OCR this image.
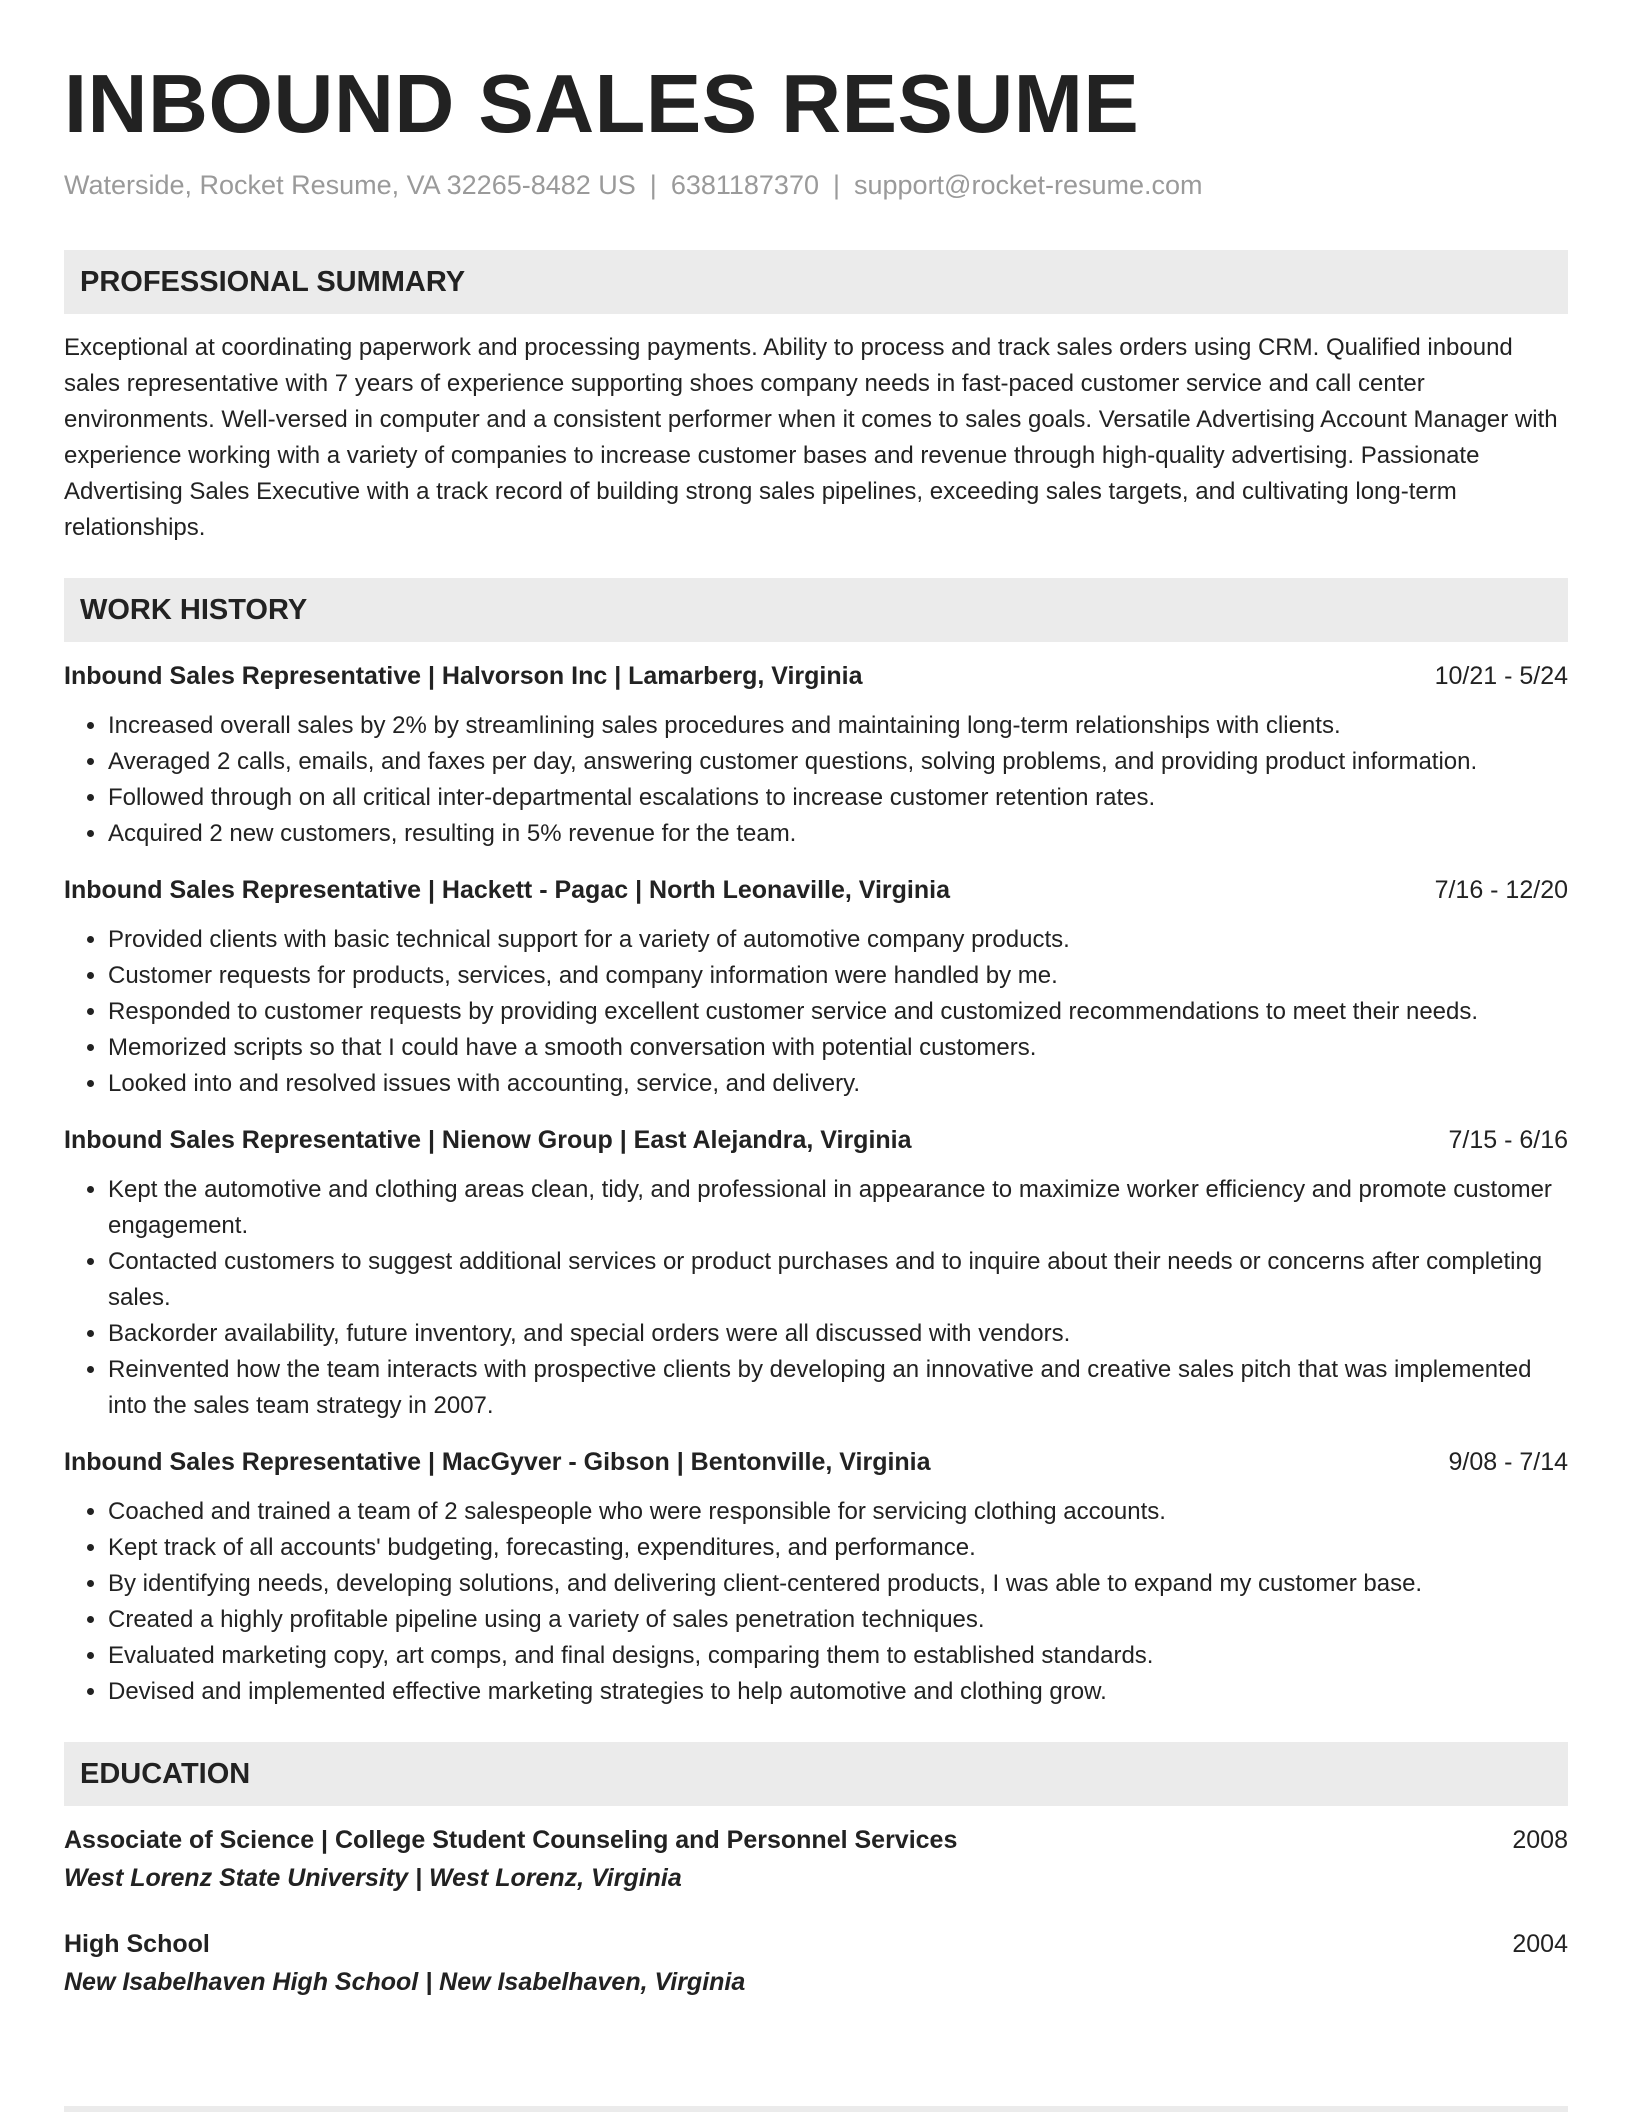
INBOUND SALES RESUME
Waterside, Rocket Resume, VA 32265-8482 US | 6381187370 | support@rocket-resume.com
PROFESSIONAL SUMMARY

Exceptional at coordinating paperwork and processing payments. Ability to process and track sales orders using CRM. Qualified inbound sales representative with 7 years of experience supporting shoes company needs in fast-paced customer service and call center environments. Well-versed in computer and a consistent performer when it comes to sales goals. Versatile Advertising Account Manager with experience working with a variety of companies to increase customer bases and revenue through high-quality advertising. Passionate Advertising Sales Executive with a track record of building strong sales pipelines, exceeding sales targets, and cultivating long-term relationships.

WORK HISTORY
Inbound Sales Representative | Halvorson Inc | Lamarberg, Virginia	10/21 - 5/24
• Increased overall sales by 2% by streamlining sales procedures and maintaining long-term relationships with clients.
• Averaged 2 calls, emails, and faxes per day, answering customer questions, solving problems, and providing product information.
• Followed through on all critical inter-departmental escalations to increase customer retention rates.
• Acquired 2 new customers, resulting in 5% revenue for the team.
Inbound Sales Representative | Hackett - Pagac | North Leonaville, Virginia	7/16 - 12/20
• Provided clients with basic technical support for a variety of automotive company products.
• Customer requests for products, services, and company information were handled by me.
• Responded to customer requests by providing excellent customer service and customized recommendations to meet their needs.
• Memorized scripts so that I could have a smooth conversation with potential customers.
• Looked into and resolved issues with accounting, service, and delivery.
Inbound Sales Representative | Nienow Group | East Alejandra, Virginia	7/15 - 6/16
• Kept the automotive and clothing areas clean, tidy, and professional in appearance to maximize worker efficiency and promote customer engagement.
• Contacted customers to suggest additional services or product purchases and to inquire about their needs or concerns after completing sales.
• Backorder availability, future inventory, and special orders were all discussed with vendors.
• Reinvented how the team interacts with prospective clients by developing an innovative and creative sales pitch that was implemented into the sales team strategy in 2007.
Inbound Sales Representative | MacGyver - Gibson | Bentonville, Virginia	9/08 - 7/14
• Coached and trained a team of 2 salespeople who were responsible for servicing clothing accounts.
• Kept track of all accounts' budgeting, forecasting, expenditures, and performance.
• By identifying needs, developing solutions, and delivering client-centered products, I was able to expand my customer base.
• Created a highly profitable pipeline using a variety of sales penetration techniques.
• Evaluated marketing copy, art comps, and final designs, comparing them to established standards.
• Devised and implemented effective marketing strategies to help automotive and clothing grow.
EDUCATION
Associate of Science | College Student Counseling and Personnel Services	2008
West Lorenz State University | West Lorenz, Virginia
High School	2004
New Isabelhaven High School | New Isabelhaven, Virginia
